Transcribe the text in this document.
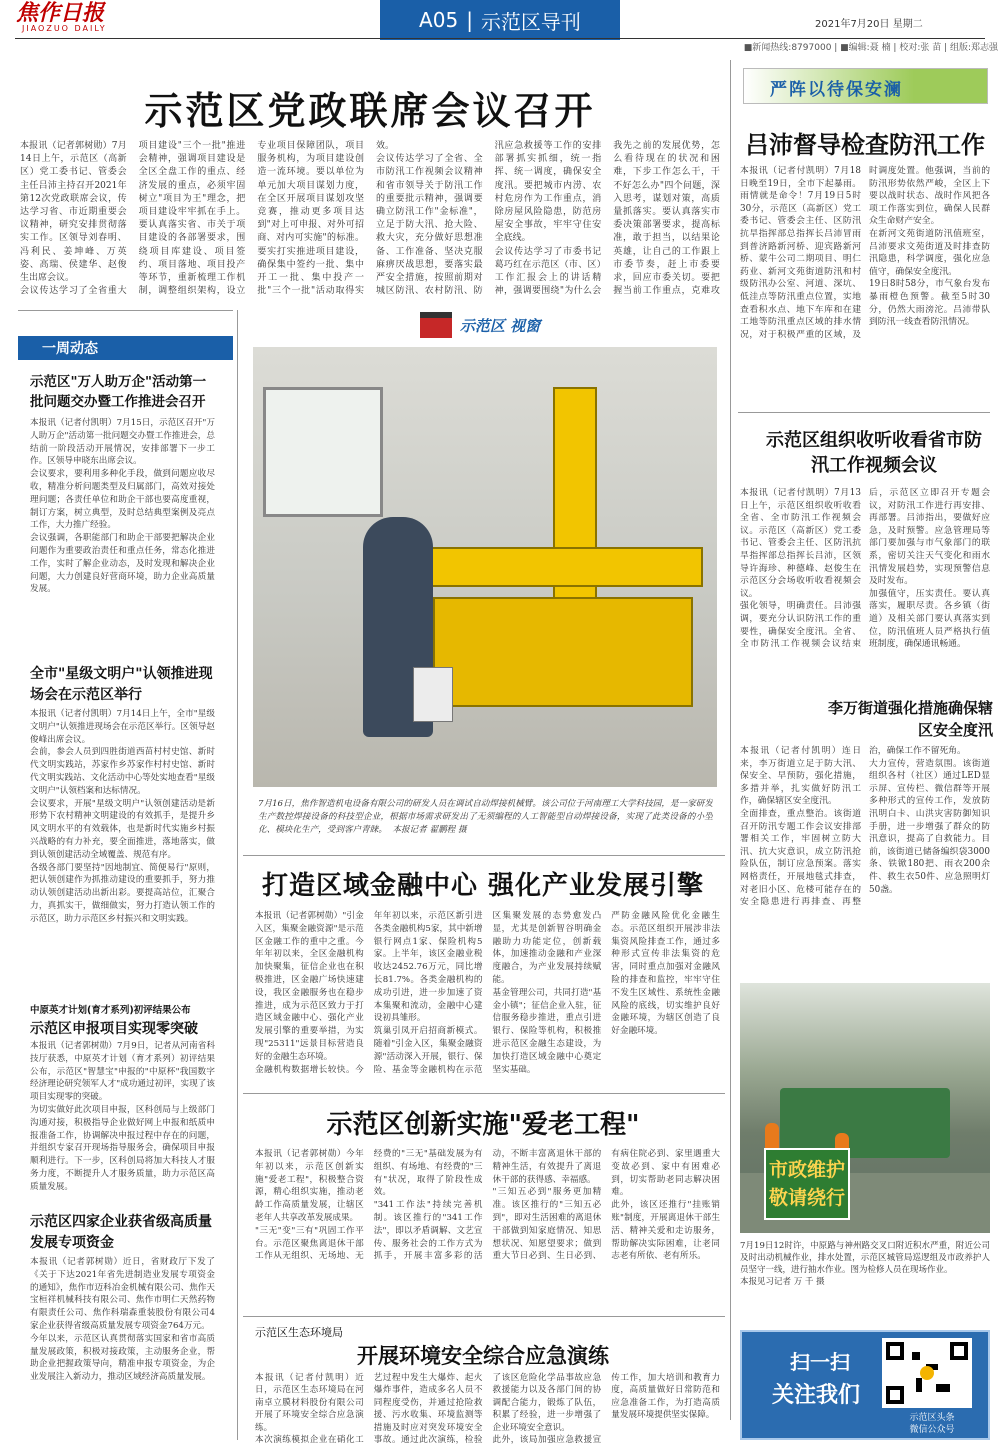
焦作日报
JIAOZUO DAILY	A05 | 示范区导刊	2021年7月20日 星期二
■新闻热线:8797000 | ■编辑:聂 楠 | 校对:张 苗 | 组版:郑志强
示范区党政联席会议召开
本报讯（记者郭树勋）7月14日上午，示范区（高新区）党工委书记、管委会主任吕沛主持召开2021年第12次党政联席会议，传达学习省、市近期重要会议精神，研究安排贯彻落实工作。区领导刘春明、冯利民、姜坤峰、万英姿、高瑞、侯建华、赵俊生出席会议。
会议传达学习了全省重大项目建设"三个一批"推进会精神，强调项目建设是全区全盘工作的重点、经济发展的重点，必须牢固树立"项目为王"理念，把项目建设牢牢抓在手上。要认真落实省、市关于项目建设的各部署要求，围绕项目库建设、项目签约、项目落地、项目投产等环节，重新梳理工作机制，调整组织架构，设立专业项目保障团队，项目服务机构，为项目建设创造一流环境。要以单位为单元加大项目谋划力度，在全区开展项目谋划攻坚竞赛，推动更多项目达到"对上可申报、对外可招商、对内可实施"的标准。要实打实推进项目建设，确保集中签约一批、集中开工一批、集中投产一批"三个一批"活动取得实效。
会议传达学习了全省、全市防汛工作视频会议精神和省市领导关于防汛工作的重要批示精神，强调要确立防汛工作"金标准"，立足于防大汛、抢大险、救大灾，充分做好思想准备、工作准备、坚决克服麻痹厌战思想，要落实最严安全措施，按照前期对城区防汛、农村防汛、防汛应急救援等工作的安排部署抓实抓细，统一指挥、统一调度，确保安全度汛。要把城市内涝、农村危房作为工作重点，消除房屋风险隐患，防范房屋安全事故，牢牢守住安全底线。
会议传达学习了市委书记葛巧红在示范区（市、区）工作汇报会上的讲话精神，强调要围绕"为什么会我先之前的发展优势，怎么看待现在的状况和困难，下步工作怎么干，干不好怎么办"四个问题，深入思考，谋划对策，高质量抓落实。要认真落实市委决策部署要求，提高标准，敢于担当，以结果论英雄，让自己的工作跟上市委节奏，赶上市委要求，回应市委关切。要把握当前工作重点，克难攻

严阵以待保安澜
吕沛督导检查防汛工作
本报讯（记者付凯明）7月18日晚至19日，全市下起暴雨。雨情就是命令！7月19日5时30分，示范区（高新区）党工委书记、管委会主任、区防汛抗旱指挥部总指挥长吕沛冒雨到普济路新河桥、迎宾路新河桥、蒙牛公司二期项目、明仁药业、新河文苑街道防汛和村级防汛办公室、河道、深坑、低洼点等防汛重点位置，实地查看积水点、地下车库和在建工地等防汛重点区域的排水情况，对于积极严重的区域，及时调度处置。他强调，当前的防汛形势依然严峻，全区上下要以战时状态、战时作风把各项工作落实到位，确保人民群众生命财产安全。
在新河文苑街道防汛值班室，吕沛要求文苑街道及时排查防汛隐患，科学调度，强化应急值守，确保安全度汛。
19日8时58分，市气象台发布暴雨橙色预警。截至5时30分，仍然大雨滂沱。吕沛带队到防汛一线查看防汛情况。
示范区组织收听收看省市防汛工作视频会议
本报讯（记者付凯明）7月13日上午，示范区组织收听收看全省、全市防汛工作视频会议。示范区（高新区）党工委书记、管委会主任、区防汛抗旱指挥部总指挥长吕沛，区领导许海珍、种德峰、赵俊生在示范区分会场收听收看视频会议。
强化领导，明确责任。吕沛强调，要充分认识防汛工作的重要性，确保安全度汛。全省、全市防汛工作视频会议结束后，示范区立即召开专题会议，对防汛工作进行再安排、再部署。吕沛指出，要做好应急，及时预警。应急管理局等部门要加强与市气象部门的联系，密切关注天气变化和雨水汛情发展趋势，实现预警信息及时发布。
加强值守，压实责任。要认真落实，履职尽责。各乡镇（街道）及相关部门要认真落实到位，防汛值班人员严格执行值班制度，确保通讯畅通。
李万街道强化措施确保辖区安全度汛
本报讯（记者付凯明）连日来，李万街道立足于防大汛、保安全、早预防，强化措施，多措并举，扎实做好防汛工作，确保辖区安全度汛。
全面排查，重点整治。该街道召开防汛专题工作会议安排部署相关工作，牢固树立防大汛、抗大灾意识，成立防汛抢险队伍，制订应急预案。落实网格责任，开展地毯式排查，对老旧小区、危楼可能存在的安全隐患进行再排查、再整治，确保工作不留死角。
大力宣传，营造氛围。该街道组织各村（社区）通过LED显示屏、宣传栏、微信群等开展多种形式的宣传工作，发放防汛明白卡、山洪灾害防御知识手册，进一步增强了群众的防汛意识，提高了自救能力。目前，该街道已储备编织袋3000条、铁锨180把、雨衣200余件、救生衣50件、应急照明灯50盏。
市政维护
敬请绕行
7月19日12时许，中原路与神州路交叉口附近积水严重，附近公司及时出动机械作业，排水处置，示范区城管局巡逻组及市政养护人员坚守一线，进行抽水作业。图为检修人员在现场作业。
本报见习记者 万 千 摄
扫一扫
关注我们
示范区头条
微信公众号
一周动态
示范区"万人助万企"活动第一批问题交办暨工作推进会召开
本报讯（记者付凯明）7月15日，示范区召开"万人助万企"活动第一批问题交办暨工作推进会，总结前一阶段活动开展情况，安排部署下一步工作。区领导申晓东出席会议。
会议要求，要利用多种化手段，做到问题应收尽收，精准分析问题类型及归属部门，高效对接处理问题；各责任单位和助企干部也要高度重视，制订方案，树立典型，及时总结典型案例及亮点工作，大力推广经验。
会议强调，各职能部门和助企干部要把解决企业问题作为重要政治责任和重点任务，常态化推进工作，实时了解企业动态，及时发现和解决企业问题，大力创建良好营商环境，助力企业高质量发展。
全市"星级文明户"认领推进现场会在示范区举行
本报讯（记者付凯明）7月14日上午，全市"星级文明户"认领推进现场会在示范区举行。区领导赵俊峰出席会议。
会前，参会人员到四胜街道西苗村村史馆、新时代文明实践站，苏家作乡苏家作村村史馆、新时代文明实践站、文化活动中心等处实地查看"星级文明户"认领档案和达标情况。
会议要求，开展"星级文明户"认领创建活动是新形势下农村精神文明建设的有效抓手，是提升乡风文明水平的有效载体，也是新时代实施乡村振兴战略的有力补充，要全面推进，落地落实，做到认领创建活动全域覆盖、规范有序。
各级各部门要坚持"因地制宜、简便易行"原则，把认领创建作为抓推动建设的重要抓手，努力推动认领创建活动出新出彩。要提高站位，汇聚合力，真抓实干，做细做实，努力打造认领工作的示范区，助力示范区乡村振兴和文明实践。
中原英才计划(育才系列)初评结果公布
示范区申报项目实现零突破
本报讯（记者郭树勋）7月9日，记者从河南省科技厅获悉，中原英才计划（育才系列）初评结果公布，示范区"智慧宝"申报的"中原杯"我国数字经济理论研究领军人才"成功通过初评，实现了该项目实现零的突破。
为切实做好此次项目申报，区科创局与上级部门沟通对接，积极指导企业做好网上申报和纸质申报准备工作，协调解决申报过程中存在的问题，并组织专家召开现场指导服务会，确保项目申报顺利进行。下一步，区科创局将加大科技人才服务力度，不断提升人才服务质量，助力示范区高质量发展。
示范区四家企业获省级高质量发展专项资金
本报讯（记者郭树勋）近日，省财政厅下发了《关于下达2021年省先进制造业发展专项资金的通知》，焦作市迈科冶金机械有限公司、焦作天宝桓祥机械科技有限公司、焦作市明仁天然药物有限责任公司、焦作科瑞森重装股份有限公司4家企业获得省级高质量发展专项资金764万元。
今年以来，示范区认真贯彻落实国家和省市高质量发展政策，积极对接政策，主动服务企业，帮助企业把握政策导向，精准申报专项资金，为企业发展注入新动力，推动区域经济高质量发展。
示范区 视窗
7月16日，焦作智造机电设备有限公司的研发人员在调试自动焊接机械臂。该公司位于河南理工大学科技园，是一家研发生产数控焊接设备的科技型企业，根据市场需求研发出了无须编程的人工智能型自动焊接设备，实现了此类设备的小型化、模块化生产，受到客户青睐。  本报记者 翟鹏程 摄
打造区域金融中心 强化产业发展引擎
本报讯（记者郭树勋）"引金入区，集聚金融资源"是示范区金融工作的重中之重。今年年初以来，全区金融机构加快聚集，征信企业也在积极推进，区金融广场快速建设，我区金融服务也在稳步推进，成为示范区致力于打造区域金融中心、强化产业发展引擎的重要举措，为实现"25311"远景目标营造良好的金融生态环境。
金融机构数据增长较快。今年年初以来，示范区新引进各类金融机构5家，其中新增银行网点1家、保险机构5家。上半年，该区金融业税收达2452.76万元，同比增长81.7%。各类金融机构的成功引进，进一步加速了资本集聚和流动，金融中心建设初具雏形。
筑巢引凤开启招商新模式。随着"引金入区，集聚金融资源"活动深入开展，银行、保险、基金等金融机构在示范区集聚发展的态势愈发凸显，尤其是创新智谷明确金融助力功能定位，创新载体，加速推动金融和产业深度融合，为产业发展持续赋能。
基金管理公司，共同打造"基金小镇"；征信企业入驻，征信服务稳步推进，重点引进银行、保险等机构，积极推进示范区金融生态建设，为加快打造区域金融中心奠定坚实基础。
严防金融风险优化金融生态。示范区组织开展涉非法集资风险排查工作，通过多种形式宣传非法集资的危害，同时重点加强对金融风险的排查和监控，牢牢守住不发生区域性、系统性金融风险的底线，切实维护良好金融环境，为辖区创造了良好金融环境。
示范区创新实施"爱老工程"
本报讯（记者郭树勋）今年年初以来，示范区创新实施"爱老工程"，积极整合资源，精心组织实施，推动老龄工作高质量发展，让辖区老年人共享改革发展成果。
"三无"变"三有"巩固工作平台。示范区聚焦离退休干部工作从无组织、无场地、无经费的"三无"基础发展为有组织、有场地、有经费的"三有"状况，取得了阶段性成效。
"341工作法"持续完善机制。该区推行的"341工作法"，即以矛盾调解、文艺宣传、服务社会的工作方式为抓手，开展丰富多彩的活动，不断丰富离退休干部的精神生活，有效提升了离退休干部的获得感、幸福感。
"三知五必到"服务更加精准。该区推行的"三知五必到"，即对生活困难的离退休干部做到知家庭情况、知思想状况、知愿望要求；做到重大节日必到、生日必到、有病住院必到、家里遇重大变故必到、家中有困难必到，切实帮助老同志解决困难。
此外，该区还推行"挂账销账"制度，开展离退休干部生活、精神关爱和走访服务，帮助解决实际困难，让老同志老有所依、老有所乐。
示范区生态环境局
开展环境安全综合应急演练
本报讯（记者付凯明）近日，示范区生态环境局在河南卓立膜材料股份有限公司开展了环境安全综合应急演练。
本次演练模拟企业在硝化工艺过程中发生大爆炸、起火爆炸事件，造成多名人员不同程度受伤，并通过抢险救援、污水收集、环境监测等措施及时应对突发环境安全事故。通过此次演练，检验了该区危险化学品事故应急救援能力以及各部门间的协调配合能力，锻炼了队伍，积累了经验，进一步增强了企业环境安全意识。
此外，该局加强应急救援宣传工作，加大培训和教育力度，高质量做好日常防范和应急准备工作，为打造高质量发展环境提供坚实保障。
